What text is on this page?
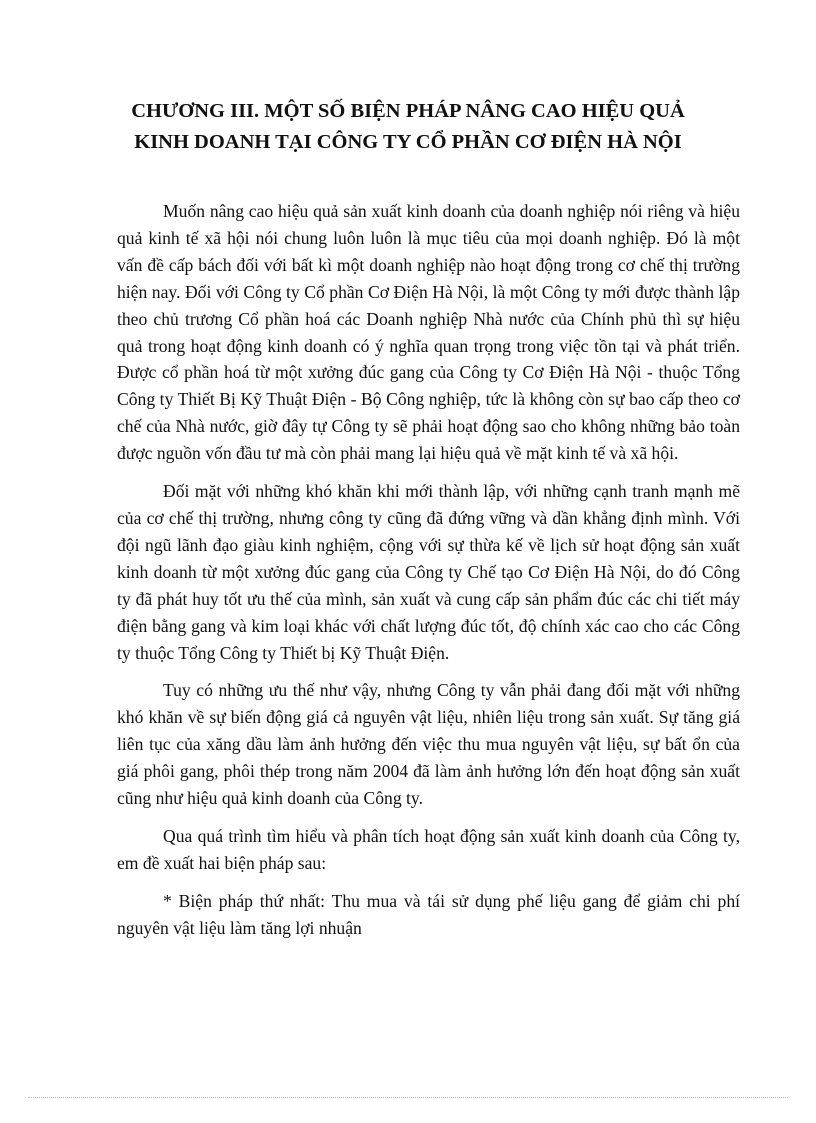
CHƯƠNG III. MỘT SỐ BIỆN PHÁP NÂNG CAO HIỆU QUẢ
KINH DOANH TẠI CÔNG TY CỔ PHẦN CƠ ĐIỆN HÀ NỘI

Muốn nâng cao hiệu quả sản xuất kinh doanh của doanh nghiệp nói riêng và hiệu quả kinh tế xã hội nói chung luôn luôn là mục tiêu của mọi doanh nghiệp. Đó là một vấn đề cấp bách đối với bất kì một doanh nghiệp nào hoạt động trong cơ chế thị trường hiện nay. Đối với Công ty Cổ phần Cơ Điện Hà Nội, là một Công ty mới được thành lập theo chủ trương Cổ phần hoá các Doanh nghiệp Nhà nước của Chính phủ thì sự hiệu quả trong hoạt động kinh doanh có ý nghĩa quan trọng trong việc tồn tại và phát triển. Được cổ phần hoá từ một xưởng đúc gang của Công ty Cơ Điện Hà Nội - thuộc Tổng Công ty Thiết Bị Kỹ Thuật Điện - Bộ Công nghiệp, tức là không còn sự bao cấp theo cơ chế của Nhà nước, giờ đây tự Công ty sẽ phải hoạt động sao cho không những bảo toàn được nguồn vốn đầu tư mà còn phải mang lại hiệu quả về mặt kinh tế và xã hội.

Đối mặt với những khó khăn khi mới thành lập, với những cạnh tranh mạnh mẽ của cơ chế thị trường, nhưng công ty cũng đã đứng vững và dần khẳng định mình. Với đội ngũ lãnh đạo giàu kinh nghiệm, cộng với sự thừa kế về lịch sử hoạt động sản xuất kinh doanh từ một xưởng đúc gang của Công ty Chế tạo Cơ Điện Hà Nội, do đó Công ty đã phát huy tốt ưu thế của mình, sản xuất và cung cấp sản phẩm đúc các chi tiết máy điện bằng gang và kim loại khác với chất lượng đúc tốt, độ chính xác cao cho các Công ty thuộc Tổng Công ty Thiết bị Kỹ Thuật Điện.

Tuy có những ưu thế như vậy, nhưng Công ty vẫn phải đang đối mặt với những khó khăn về sự biến động giá cả nguyên vật liệu, nhiên liệu trong sản xuất. Sự tăng giá liên tục của xăng dầu làm ảnh hưởng đến việc thu mua nguyên vật liệu, sự bất ổn của giá phôi gang, phôi thép trong năm 2004 đã làm ảnh hưởng lớn đến hoạt động sản xuất cũng như hiệu quả kinh doanh của Công ty.

Qua quá trình tìm hiểu và phân tích hoạt động sản xuất kinh doanh của Công ty, em đề xuất hai biện pháp sau:

* Biện pháp thứ nhất: Thu mua và tái sử dụng phế liệu gang để giảm chi phí nguyên vật liệu làm tăng lợi nhuận
